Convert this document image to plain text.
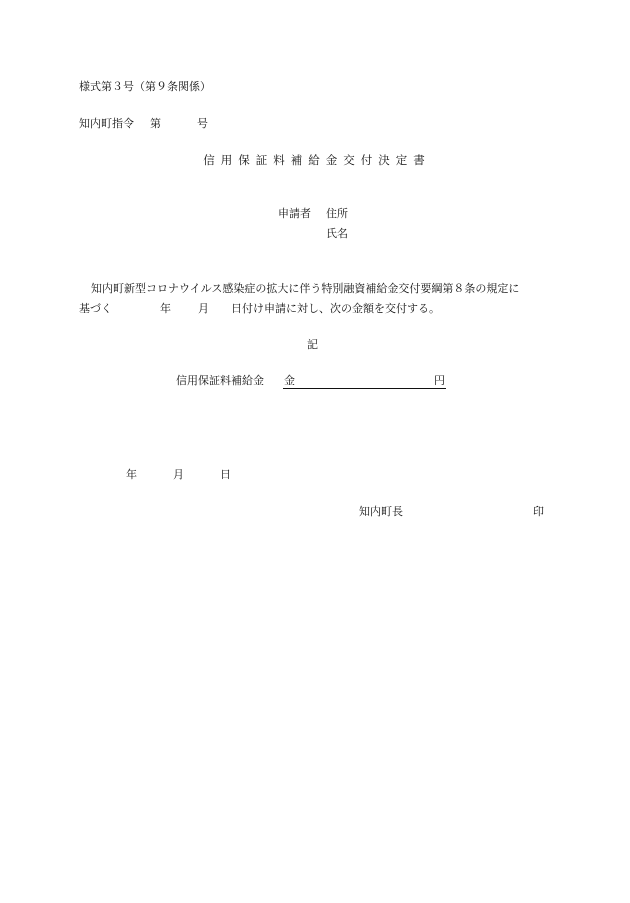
様式第３号（第９条関係）
知内町指令 第	号
信用保証料補給金交付決定書
申請者 住所
氏名
知内町新型コロナウイルス感染症の拡大に伴う特別融資補給金交付要綱第８条の規定に
基づく	年 月 日付け申請に対し、次の金額を交付する。
記
信用保証料補給金 金	円
年	月	日
知内町長	印
